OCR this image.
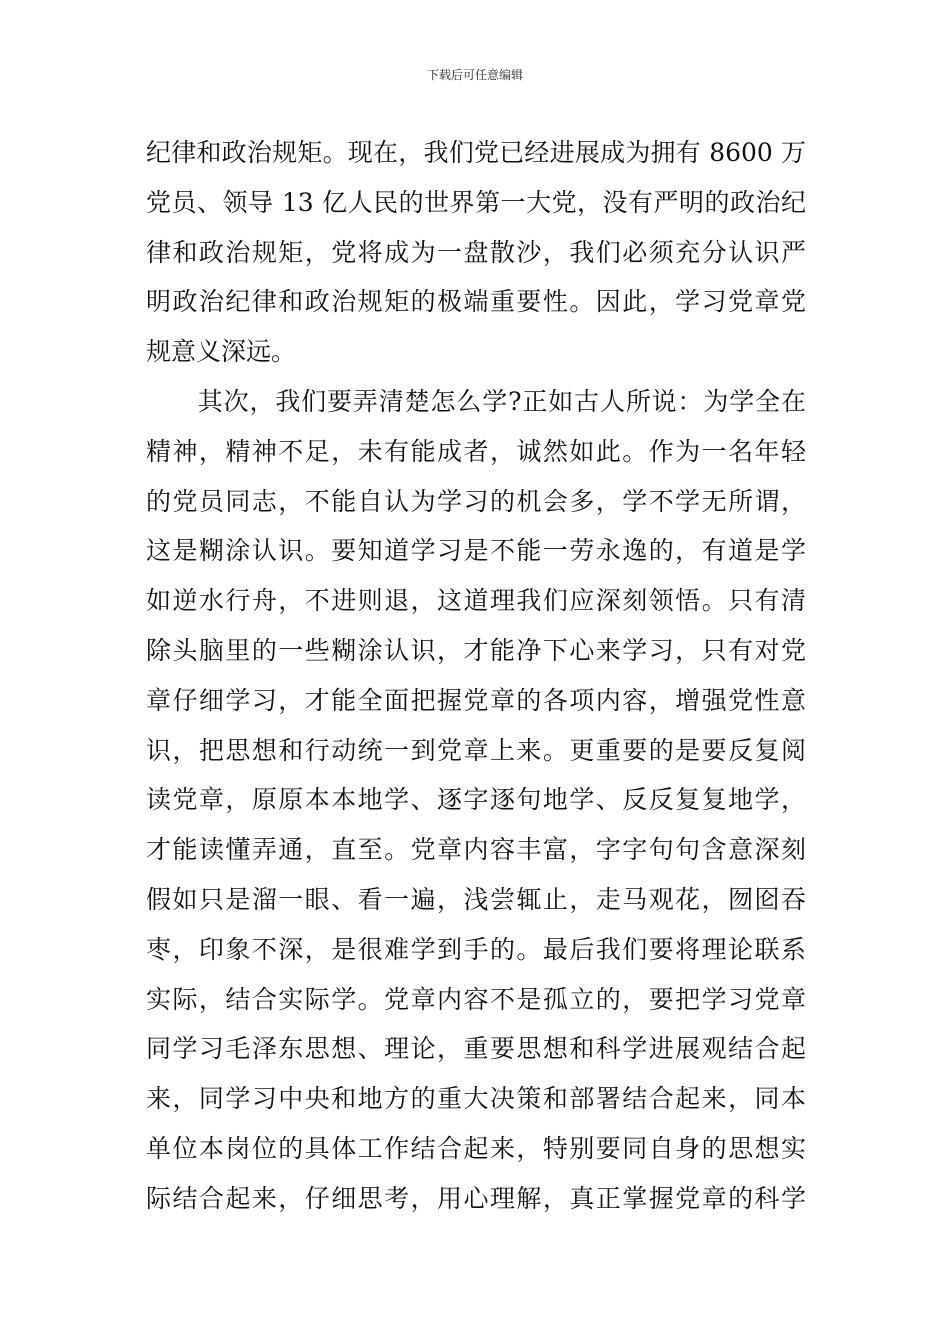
下载后可任意编辑
纪律和政治规矩。现在，我们党已经进展成为拥有 8600 万
党员、领导 13 亿人民的世界第一大党，没有严明的政治纪
律和政治规矩，党将成为一盘散沙，我们必须充分认识严
明政治纪律和政治规矩的极端重要性。因此，学习党章党
规意义深远。
　　其次，我们要弄清楚怎么学?正如古人所说：为学全在
精神，精神不足，未有能成者，诚然如此。作为一名年轻
的党员同志，不能自认为学习的机会多，学不学无所谓，
这是糊涂认识。要知道学习是不能一劳永逸的，有道是学
如逆水行舟，不进则退，这道理我们应深刻领悟。只有清
除头脑里的一些糊涂认识，才能净下心来学习，只有对党
章仔细学习，才能全面把握党章的各项内容，增强党性意
识，把思想和行动统一到党章上来。更重要的是要反复阅
读党章，原原本本地学、逐字逐句地学、反反复复地学，
才能读懂弄通，直至。党章内容丰富，字字句句含意深刻
假如只是溜一眼、看一遍，浅尝辄止，走马观花，囫囵吞
枣，印象不深，是很难学到手的。最后我们要将理论联系
实际，结合实际学。党章内容不是孤立的，要把学习党章
同学习毛泽东思想、理论，重要思想和科学进展观结合起
来，同学习中央和地方的重大决策和部署结合起来，同本
单位本岗位的具体工作结合起来，特别要同自身的思想实
际结合起来，仔细思考，用心理解，真正掌握党章的科学
